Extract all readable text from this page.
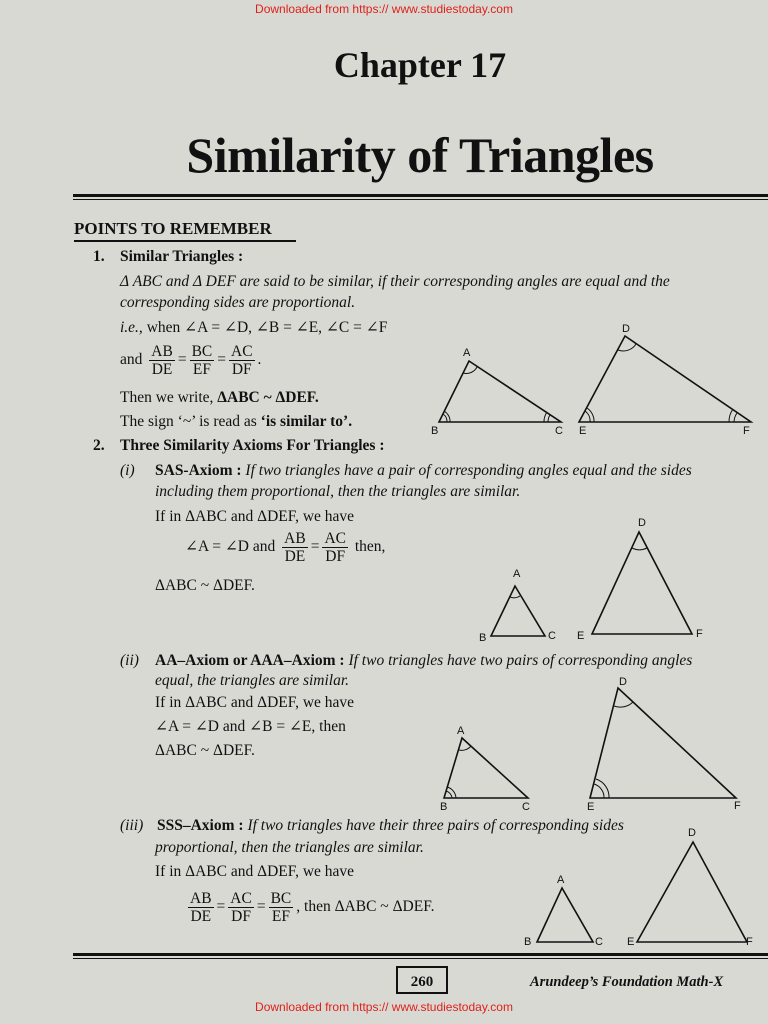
Downloaded from https:// www.studiestoday.com
Downloaded from https:// www.studiestoday.com
Chapter 17
Similarity of Triangles
POINTS TO REMEMBER
1. Similar Triangles :
Δ ABC and Δ DEF are said to be similar, if their corresponding angles are equal and the
corresponding sides are proportional.
i.e., when ∠A = ∠D, ∠B = ∠E, ∠C = ∠F
and $\frac{AB}{DE} = \frac{BC}{EF} = \frac{AC}{DF}$ .
Then we write, ΔABC ~ ΔDEF.
The sign ‘~’ is read as ‘is similar to’.
A
B	C
D
E	F
2. Three Similarity Axioms For Triangles :
(i) SAS-Axiom : If two triangles have a pair of corresponding angles equal and the sides
including them proportional, then the triangles are similar.
If in ΔABC and ΔDEF, we have
∠A = ∠D and $\frac{AB}{DE} = \frac{AC}{DF}$ then,
ΔABC ~ ΔDEF.
A
B	C
D
E	F
(ii) AA–Axiom or AAA–Axiom : If two triangles have two pairs of corresponding angles
equal, the triangles are similar.
If in ΔABC and ΔDEF, we have
∠A = ∠D and ∠B = ∠E, then
ΔABC ~ ΔDEF.
A
B	C
D
E	F
(iii) SSS–Axiom : If two triangles have their three pairs of corresponding sides
proportional, then the triangles are similar.
If in ΔABC and ΔDEF, we have
$\frac{AB}{DE} = \frac{AC}{DF} = \frac{BC}{EF}$ , then ΔABC ~ ΔDEF.
A
B	C
D
E	F
260	Arundeep’s Foundation Math-X
